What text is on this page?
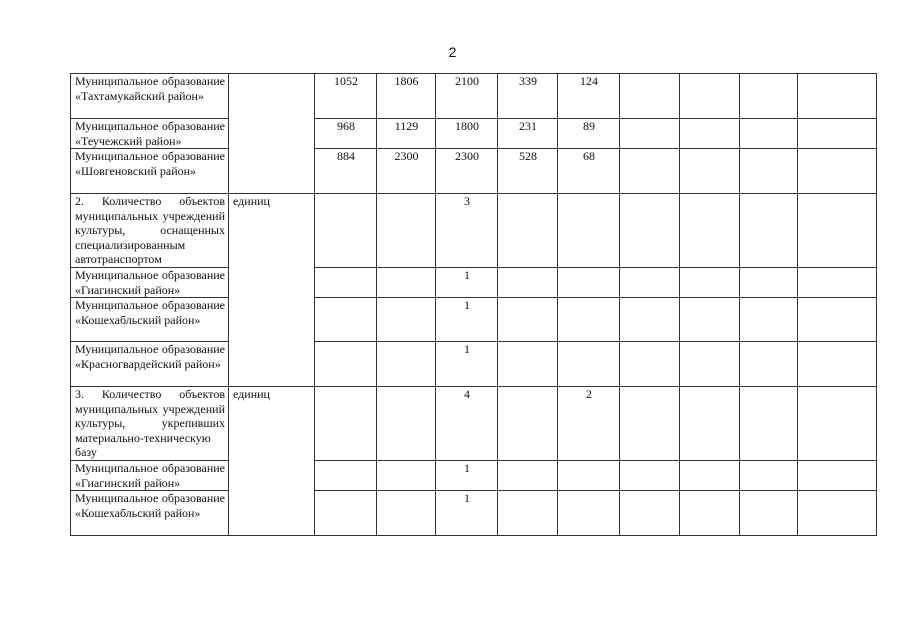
2
Муниципальное образование «Тахтамукайский район»		1052	1806	2100	339	124				
Муниципальное образование «Теучежский район»		968	1129	1800	231	89				
Муниципальное образование «Шовгеновский район»		884	2300	2300	528	68				
2. Количество объектов муниципальных учреждений культуры, оснащенных специализированным автотранспортом	единиц			3						
Муниципальное образование «Гиагинский район»				1						
Муниципальное образование «Кошехабльский район»				1						
Муниципальное образование «Красногвардейский район»				1						
3. Количество объектов муниципальных учреждений культуры, укрепивших материально-техническую базу	единиц			4		2				
Муниципальное образование «Гиагинский район»				1						
Муниципальное образование «Кошехабльский район»				1						
